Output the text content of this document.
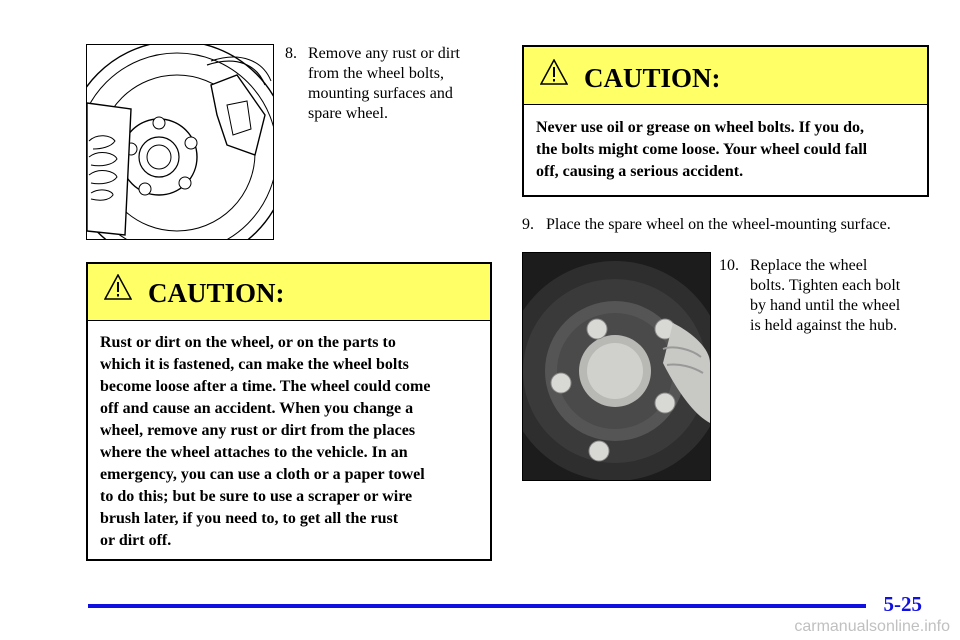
8. Remove any rust or dirt
from the wheel bolts,
mounting surfaces and
spare wheel.
CAUTION:
Rust or dirt on the wheel, or on the parts to
which it is fastened, can make the wheel bolts
become loose after a time. The wheel could come
off and cause an accident. When you change a
wheel, remove any rust or dirt from the places
where the wheel attaches to the vehicle. In an
emergency, you can use a cloth or a paper towel
to do this; but be sure to use a scraper or wire
brush later, if you need to, to get all the rust
or dirt off.
CAUTION:
Never use oil or grease on wheel bolts. If you do,
the bolts might come loose. Your wheel could fall
off, causing a serious accident.
9. Place the spare wheel on the wheel-mounting surface.
10. Replace the wheel
bolts. Tighten each bolt
by hand until the wheel
is held against the hub.
5-25
carmanualsonline.info
